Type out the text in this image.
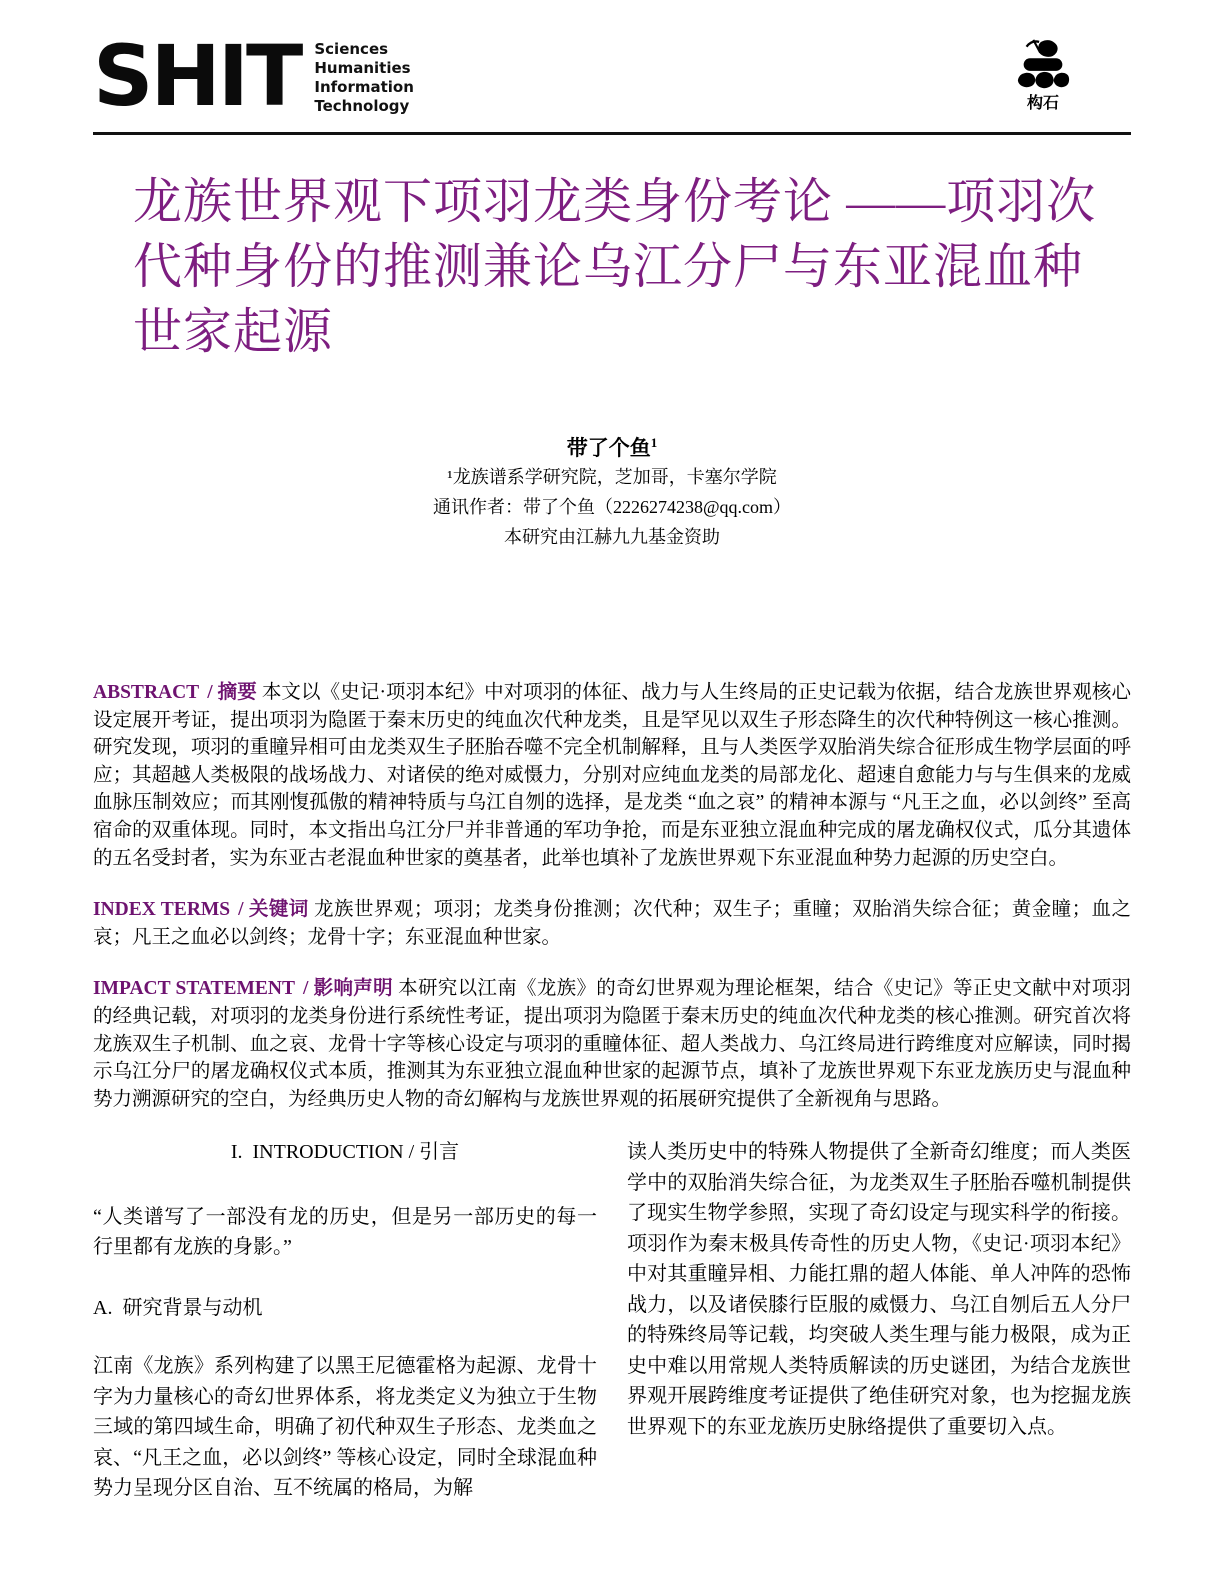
SHIT Sciences
Humanities
Information
Technology	构石
龙族世界观下项羽龙类身份考论 ——项羽次
代种身份的推测兼论乌江分尸与东亚混血种
世家起源
带了个鱼$^1$
¹龙族谱系学研究院，芝加哥，卡塞尔学院
通讯作者：带了个鱼（2226274238@qq.com）
本研究由江赫九九基金资助

ABSTRACT / 摘要 本文以《史记·项羽本纪》中对项羽的体征、战力与人生终局的正史记载为依据，结合龙族世界观核心设定展开考证，提出项羽为隐匿于秦末历史的纯血次代种龙类，且是罕见以双生子形态降生的次代种特例这一核心推测。研究发现，项羽的重瞳异相可由龙类双生子胚胎吞噬不完全机制解释，且与人类医学双胎消失综合征形成生物学层面的呼应；其超越人类极限的战场战力、对诸侯的绝对威慑力，分别对应纯血龙类的局部龙化、超速自愈能力与与生俱来的龙威血脉压制效应；而其刚愎孤傲的精神特质与乌江自刎的选择，是龙类 “血之哀” 的精神本源与 “凡王之血，必以剑终” 至高宿命的双重体现。同时，本文指出乌江分尸并非普通的军功争抢，而是东亚独立混血种完成的屠龙确权仪式，瓜分其遗体的五名受封者，实为东亚古老混血种世家的奠基者，此举也填补了龙族世界观下东亚混血种势力起源的历史空白。

INDEX TERMS / 关键词 龙族世界观；项羽；龙类身份推测；次代种；双生子；重瞳；双胎消失综合征；黄金瞳；血之哀；凡王之血必以剑终；龙骨十字；东亚混血种世家。

IMPACT STATEMENT / 影响声明 本研究以江南《龙族》的奇幻世界观为理论框架，结合《史记》等正史文献中对项羽的经典记载，对项羽的龙类身份进行系统性考证，提出项羽为隐匿于秦末历史的纯血次代种龙类的核心推测。研究首次将龙族双生子机制、血之哀、龙骨十字等核心设定与项羽的重瞳体征、超人类战力、乌江终局进行跨维度对应解读，同时揭示乌江分尸的屠龙确权仪式本质，推测其为东亚独立混血种世家的起源节点，填补了龙族世界观下东亚龙族历史与混血种势力溯源研究的空白，为经典历史人物的奇幻解构与龙族世界观的拓展研究提供了全新视角与思路。

I.  INTRODUCTION / 引言
“人类谱写了一部没有龙的历史，但是另一部历史的每一行里都有龙族的身影。”
A.  研究背景与动机
江南《龙族》系列构建了以黑王尼德霍格为起源、龙骨十字为力量核心的奇幻世界体系，将龙类定义为独立于生物三域的第四域生命，明确了初代种双生子形态、龙类血之哀、“凡王之血，必以剑终” 等核心设定，同时全球混血种势力呈现分区自治、互不统属的格局，为解
读人类历史中的特殊人物提供了全新奇幻维度；而人类医学中的双胎消失综合征，为龙类双生子胚胎吞噬机制提供了现实生物学参照，实现了奇幻设定与现实科学的衔接。项羽作为秦末极具传奇性的历史人物，《史记·项羽本纪》中对其重瞳异相、力能扛鼎的超人体能、单人冲阵的恐怖战力，以及诸侯膝行臣服的威慑力、乌江自刎后五人分尸的特殊终局等记载，均突破人类生理与能力极限，成为正史中难以用常规人类特质解读的历史谜团，为结合龙族世界观开展跨维度考证提供了绝佳研究对象，也为挖掘龙族世界观下的东亚龙族历史脉络提供了重要切入点。
